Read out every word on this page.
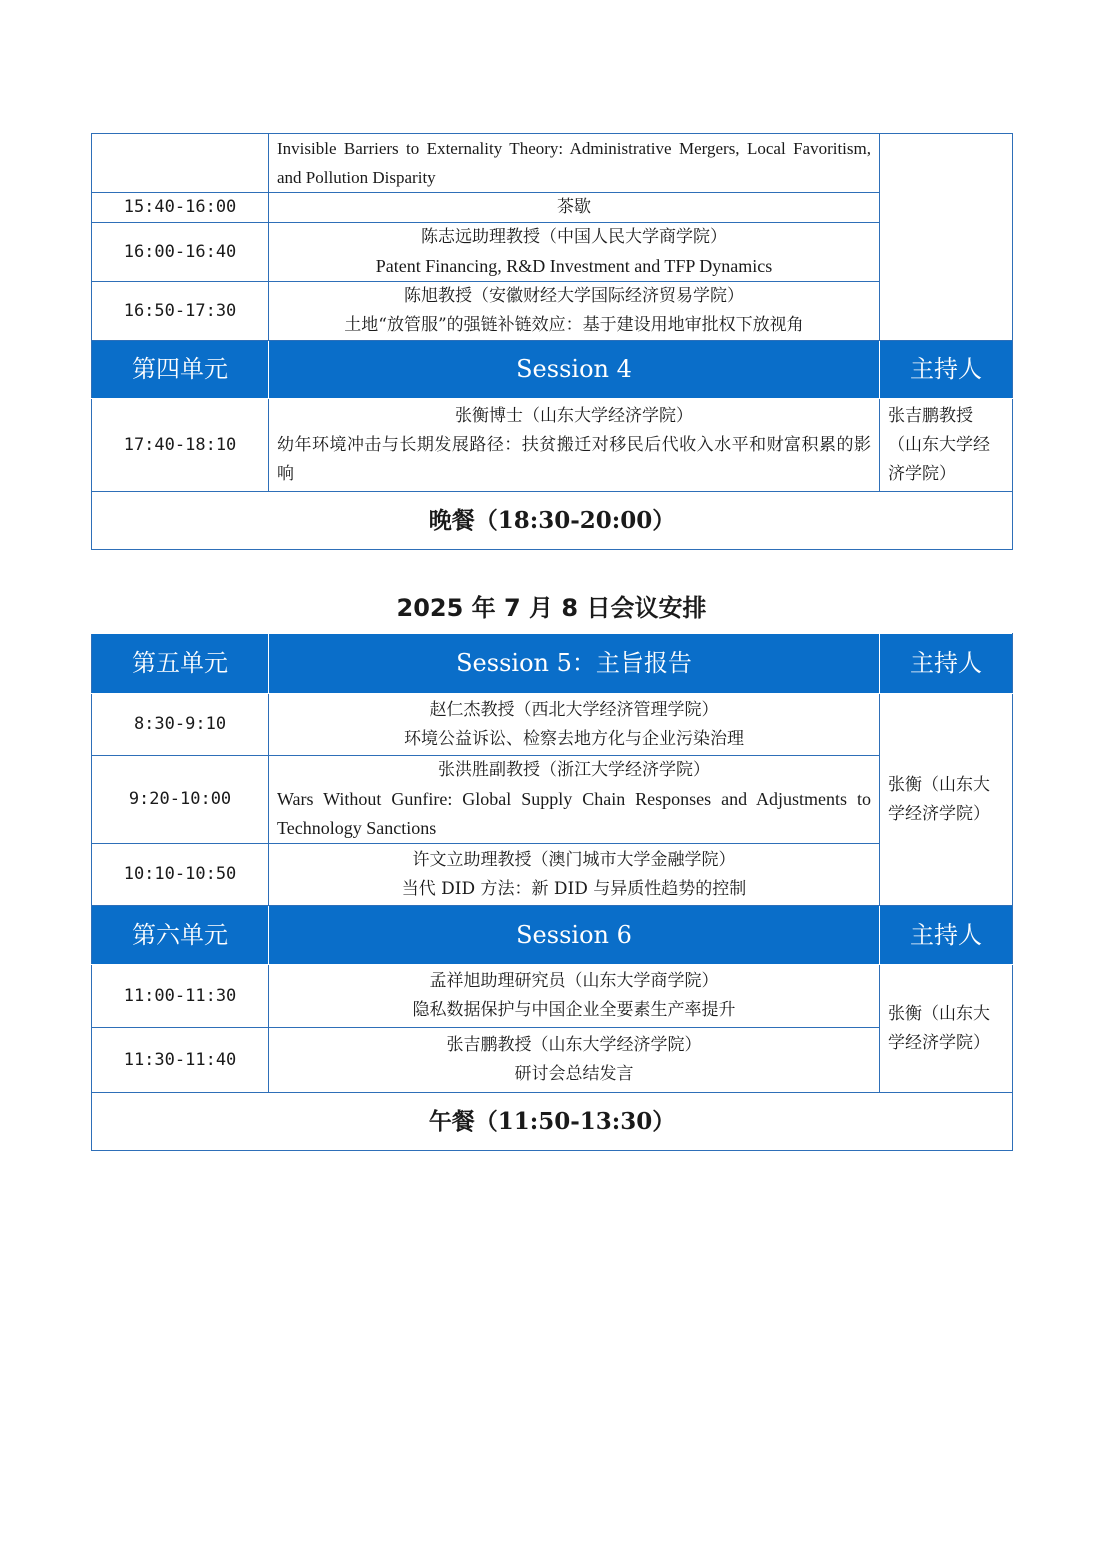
	Invisible Barriers to Externality Theory: Administrative Mergers, Local Favoritism, and Pollution Disparity	
15:40-16:00	茶歇	
16:00-16:40	陈志远助理教授（中国人民大学商学院）
Patent Financing, R&D Investment and TFP Dynamics	

16:50-17:30	陈旭教授（安徽财经大学国际经济贸易学院）
土地“放管服”的强链补链效应：基于建设用地审批权下放视角	

第四单元	Session 4	主持人
17:40-18:10	张衡博士（山东大学经济学院）
幼年环境冲击与长期发展路径：扶贫搬迁对移民后代收入水平和财富积累的影响	张吉鹏教授（山东大学经济学院）
晚餐（18:30-20:00）		
2025 年 7 月 8 日会议安排
第五单元	Session 5：主旨报告	主持人
8:30-9:10	赵仁杰教授（西北大学经济管理学院）
环境公益诉讼、检察去地方化与企业污染治理	张衡（山东大学经济学院）
9:20-10:00	张洪胜副教授（浙江大学经济学院）
Wars Without Gunfire: Global Supply Chain Responses and Adjustments to Technology Sanctions	

10:10-10:50	许文立助理教授（澳门城市大学金融学院）
当代 DID 方法：新 DID 与异质性趋势的控制	

第六单元	Session 6	主持人
11:00-11:30	孟祥旭助理研究员（山东大学商学院）
隐私数据保护与中国企业全要素生产率提升	张衡（山东大学经济学院）
11:30-11:40	张吉鹏教授（山东大学经济学院）
研讨会总结发言	

午餐（11:50-13:30）		
